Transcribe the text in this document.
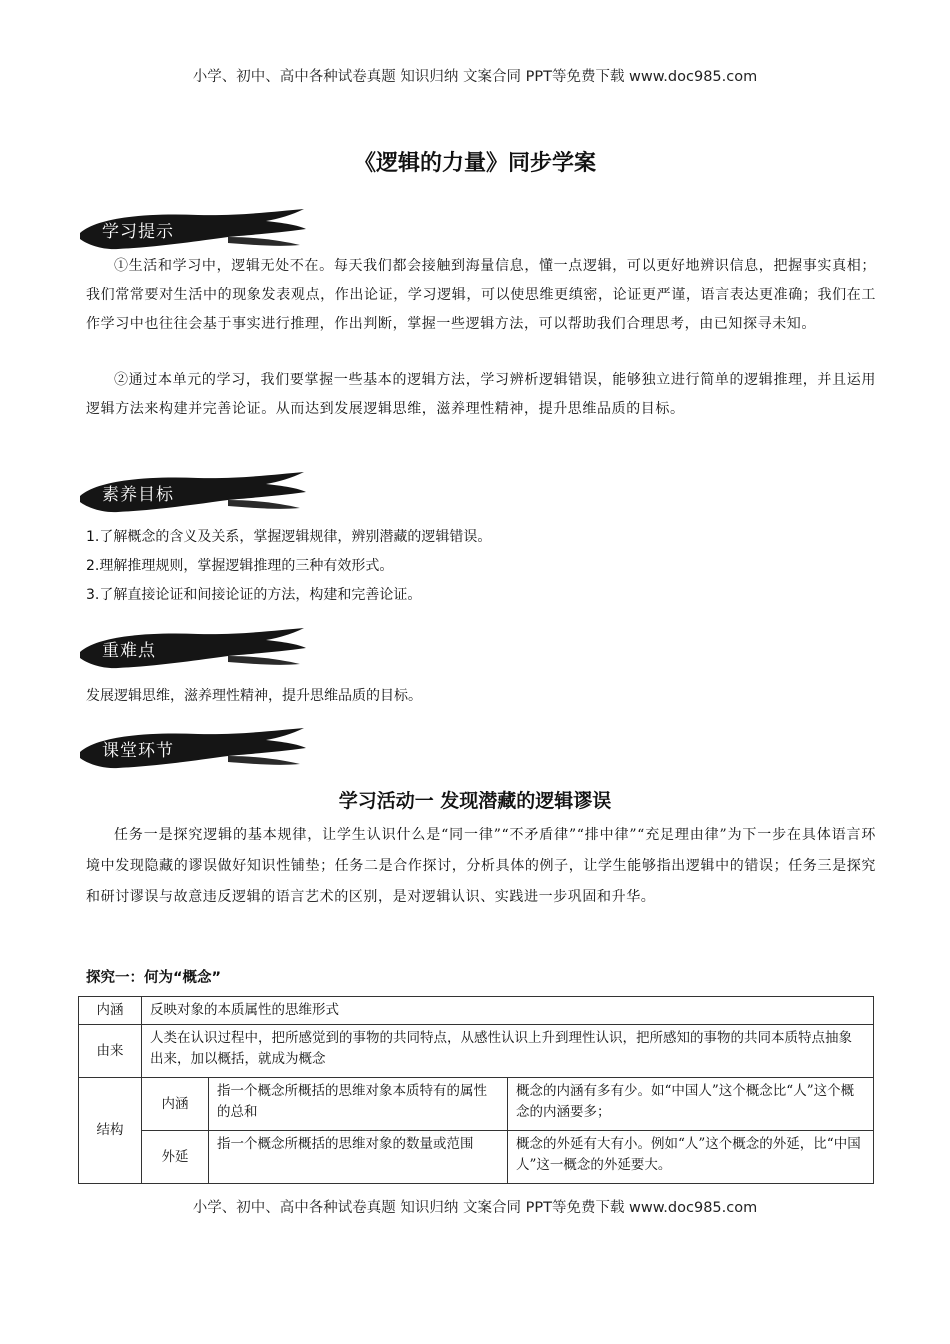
小学、初中、高中各种试卷真题 知识归纳 文案合同 PPT等免费下载 www.doc985.com
《逻辑的力量》同步学案
学习提示
①生活和学习中，逻辑无处不在。每天我们都会接触到海量信息，懂一点逻辑，可以更好地辨识信息，把握事实真相；我们常常要对生活中的现象发表观点，作出论证，学习逻辑，可以使思维更缜密，论证更严谨，语言表达更准确；我们在工作学习中也往往会基于事实进行推理，作出判断，掌握一些逻辑方法，可以帮助我们合理思考，由已知探寻未知。
②通过本单元的学习，我们要掌握一些基本的逻辑方法，学习辨析逻辑错误，能够独立进行简单的逻辑推理，并且运用逻辑方法来构建并完善论证。从而达到发展逻辑思维，滋养理性精神，提升思维品质的目标。
素养目标
1.了解概念的含义及关系，掌握逻辑规律，辨别潜藏的逻辑错误。
2.理解推理规则，掌握逻辑推理的三种有效形式。
3.了解直接论证和间接论证的方法，构建和完善论证。
重难点
发展逻辑思维，滋养理性精神，提升思维品质的目标。
课堂环节
学习活动一 发现潜藏的逻辑谬误
任务一是探究逻辑的基本规律，让学生认识什么是“同一律”“不矛盾律”“排中律”“充足理由律”为下一步在具体语言环境中发现隐藏的谬误做好知识性铺垫；任务二是合作探讨，分析具体的例子，让学生能够指出逻辑中的错误；任务三是探究和研讨谬误与故意违反逻辑的语言艺术的区别，是对逻辑认识、实践进一步巩固和升华。
探究一：何为“概念”
内涵	反映对象的本质属性的思维形式		
由来	人类在认识过程中，把所感觉到的事物的共同特点，从感性认识上升到理性认识，把所感知的事物的共同本质特点抽象出来，加以概括，就成为概念		
结构	内涵	指一个概念所概括的思维对象本质特有的属性的总和	概念的内涵有多有少。如“中国人”这个概念比“人”这个概念的内涵要多；
	外延	指一个概念所概括的思维对象的数量或范围	概念的外延有大有小。例如“人”这个概念的外延，比“中国人”这一概念的外延要大。
小学、初中、高中各种试卷真题 知识归纳 文案合同 PPT等免费下载 www.doc985.com
